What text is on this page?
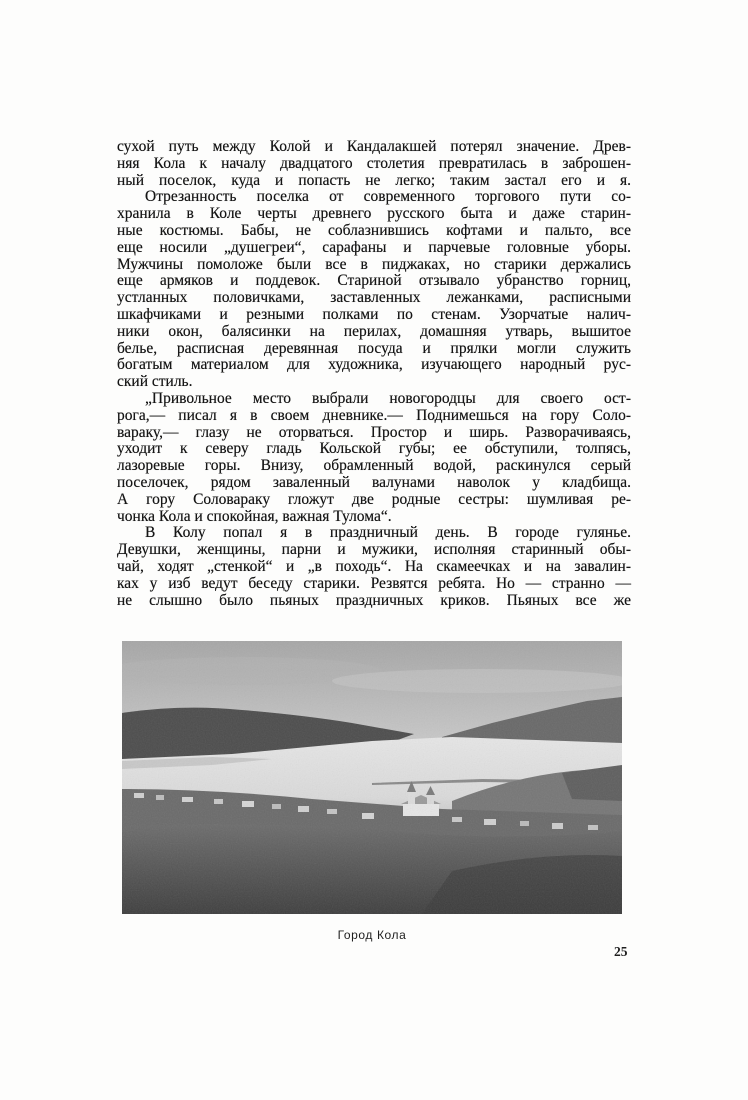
сухой путь между Колой и Кандалакшей потерял значение. Древ-
няя Кола к началу двадцатого столетия превратилась в заброшен-
ный поселок, куда и попасть не легко; таким застал его и я.

Отрезанность поселка от современного торгового пути со-
хранила в Коле черты древнего русского быта и даже старин-
ные костюмы. Бабы, не соблазнившись кофтами и пальто, все
еще носили „душегреи“, сарафаны и парчевые головные уборы.
Мужчины помоложе были все в пиджаках, но старики держались
еще армяков и поддевок. Стариной отзывало убранство горниц,
устланных половичками, заставленных лежанками, расписными
шкафчиками и резными полками по стенам. Узорчатые налич-
ники окон, балясинки на перилах, домашняя утварь, вышитое
белье, расписная деревянная посуда и прялки могли служить
богатым материалом для художника, изучающего народный рус-
ский стиль.

„Привольное место выбрали новогородцы для своего ост-
рога,— писал я в своем дневнике.— Поднимешься на гору Соло-
вараку,— глазу не оторваться. Простор и ширь. Разворачиваясь,
уходит к северу гладь Кольской губы; ее обступили, толпясь,
лазоревые горы. Внизу, обрамленный водой, раскинулся серый
поселочек, рядом заваленный валунами наволок у кладбища.
А гору Соловараку гложут две родные сестры: шумливая ре-
чонка Кола и спокойная, важная Тулома“.

В Колу попал я в праздничный день. В городе гулянье.
Девушки, женщины, парни и мужики, исполняя старинный обы-
чай, ходят „стенкой“ и „в походь“. На скамеечках и на завалин-
ках у изб ведут беседу старики. Резвятся ребята. Но — странно —
не слышно было пьяных праздничных криков. Пьяных все же

Город Кола
25
